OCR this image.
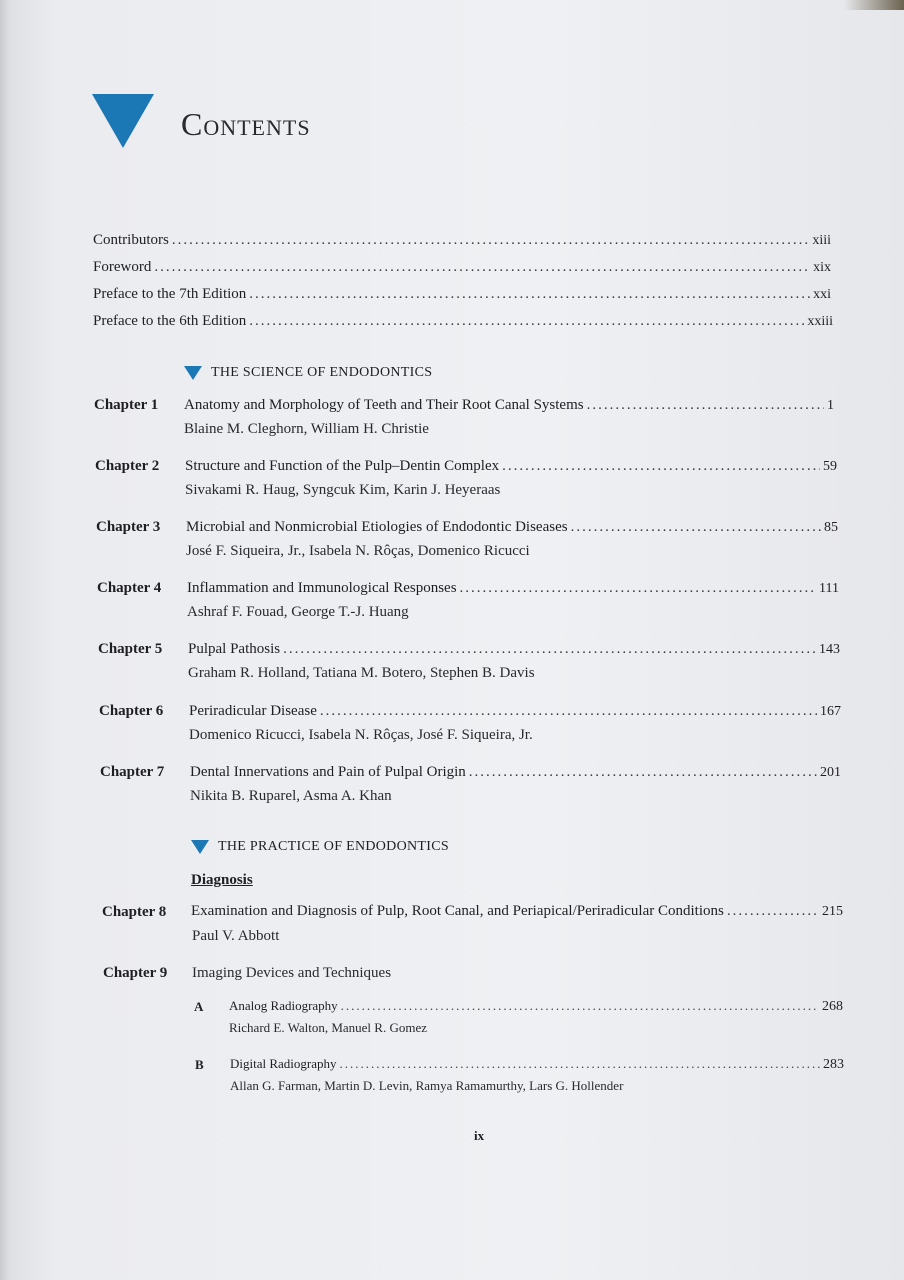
Contents
Contributors .....	xiii
Foreword .....	xix
Preface to the 7th Edition .....	xxi
Preface to the 6th Edition .....	xxiii
THE SCIENCE OF ENDODONTICS
Chapter 1 Anatomy and Morphology of Teeth and Their Root Canal Systems .....	1
Blaine M. Cleghorn, William H. Christie
Chapter 2 Structure and Function of the Pulp–Dentin Complex .....	59
Sivakami R. Haug, Syngcuk Kim, Karin J. Heyeraas
Chapter 3 Microbial and Nonmicrobial Etiologies of Endodontic Diseases .....	85
José F. Siqueira, Jr., Isabela N. Rôças, Domenico Ricucci
Chapter 4 Inflammation and Immunological Responses .....	111
Ashraf F. Fouad, George T.-J. Huang
Chapter 5 Pulpal Pathosis .....	143
Graham R. Holland, Tatiana M. Botero, Stephen B. Davis
Chapter 6 Periradicular Disease .....	167
Domenico Ricucci, Isabela N. Rôças, José F. Siqueira, Jr.
Chapter 7 Dental Innervations and Pain of Pulpal Origin .....	201
Nikita B. Ruparel, Asma A. Khan
THE PRACTICE OF ENDODONTICS
Diagnosis
Chapter 8 Examination and Diagnosis of Pulp, Root Canal, and Periapical/Periradicular Conditions .....	215
Paul V. Abbott
Chapter 9 Imaging Devices and Techniques
A Analog Radiography .....	268
Richard E. Walton, Manuel R. Gomez
B Digital Radiography .....	283
Allan G. Farman, Martin D. Levin, Ramya Ramamurthy, Lars G. Hollender
ix
